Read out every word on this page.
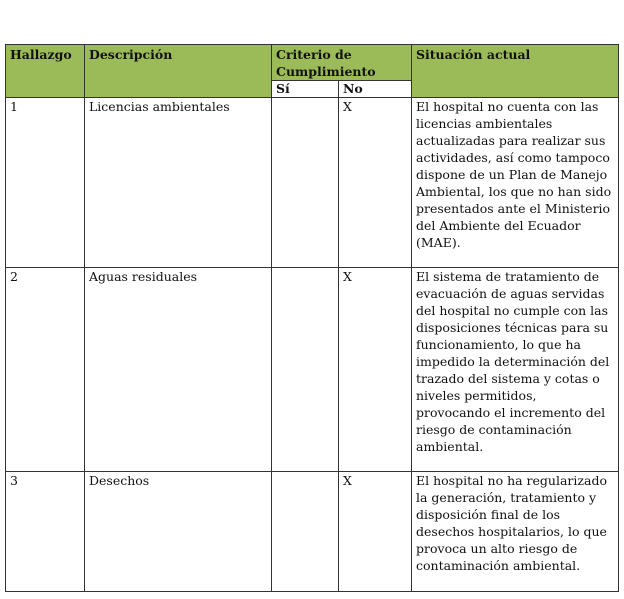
Hallazgo	Descripción	Criterio de Cumplimiento		Situación actual
		Sí	No	
1	Licencias ambientales		X	El hospital no cuenta con las licencias ambientales actualizadas para realizar sus actividades, así como tampoco dispone de un Plan de Manejo Ambiental, los que no han sido presentados ante el Ministerio del Ambiente del Ecuador (MAE).
2	Aguas residuales		X	El sistema de tratamiento de evacuación de aguas servidas del hospital no cumple con las disposiciones técnicas para su funcionamiento, lo que ha impedido la determinación del trazado del sistema y cotas o niveles permitidos, provocando el incremento del riesgo de contaminación ambiental.
3	Desechos		X	El hospital no ha regularizado la generación, tratamiento y disposición final de los desechos hospitalarios, lo que provoca un alto riesgo de contaminación ambiental.
